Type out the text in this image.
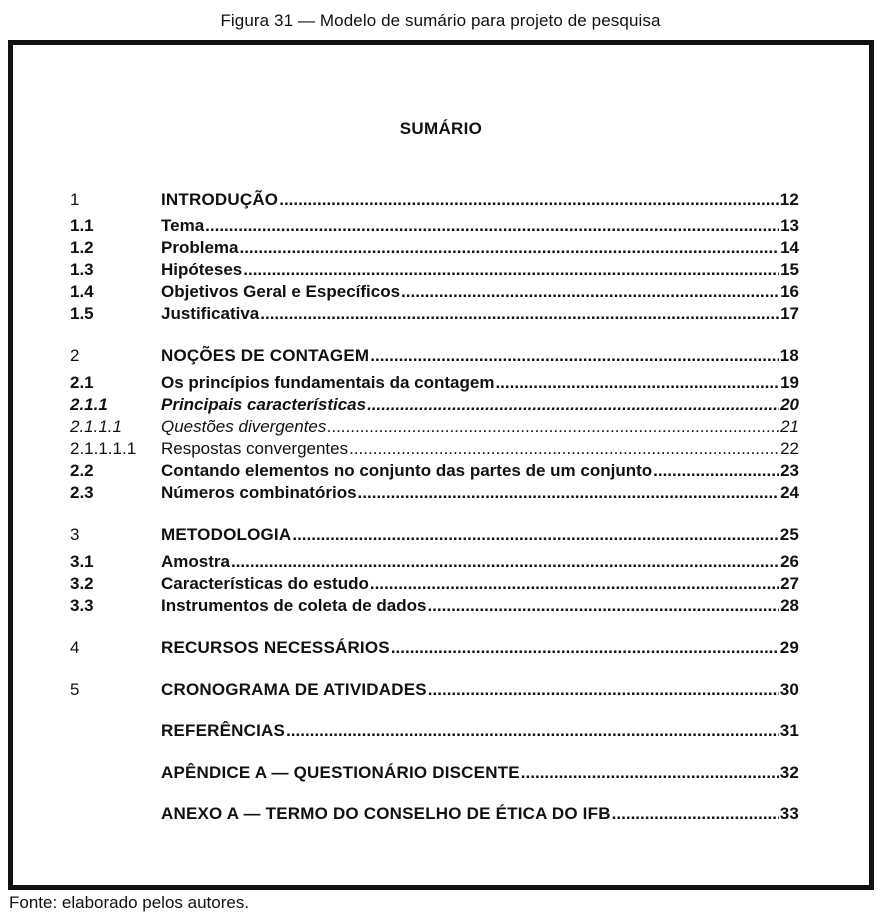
Figura 31 — Modelo de sumário para projeto de pesquisa
SUMÁRIO
1	INTRODUÇÃO .....	12
1.1	Tema .....	13
1.2	Problema .....	14
1.3	Hipóteses .....	15
1.4	Objetivos Geral e Específicos .....	16
1.5	Justificativa .....	17
2	NOÇÕES DE CONTAGEM .....	18
2.1	Os princípios fundamentais da contagem .....	19
2.1.1	Principais características .....	20
2.1.1.1 Questões divergentes .....	21
2.1.1.1.1 Respostas convergentes .....	22
2.2	Contando elementos no conjunto das partes de um conjunto .....	23
2.3	Números combinatórios .....	24
3	METODOLOGIA .....	25
3.1	Amostra .....	26
3.2	Características do estudo .....	27
3.3	Instrumentos de coleta de dados .....	28
4	RECURSOS NECESSÁRIOS .....	29
5	CRONOGRAMA DE ATIVIDADES .....	30
REFERÊNCIAS .....	31
APÊNDICE A — QUESTIONÁRIO DISCENTE .....	32
ANEXO A — TERMO DO CONSELHO DE ÉTICA DO IFB .....	33
Fonte: elaborado pelos autores.
